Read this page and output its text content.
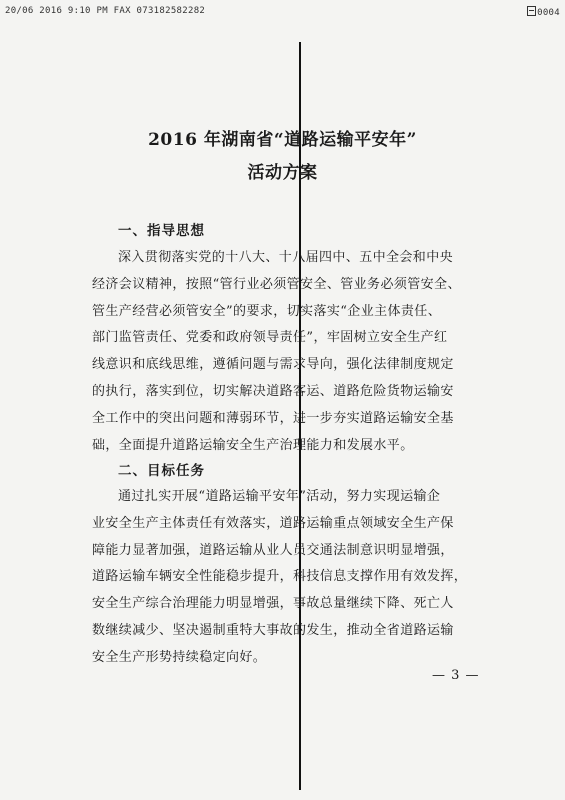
20/06 2016 9:10 PM FAX 073182582282	0004
2016 年湖南省“道路运输平安年”
活动方案
一、指导思想
深入贯彻落实党的十八大、十八届四中、五中全会和中央
经济会议精神，按照“管行业必须管安全、管业务必须管安全、
管生产经营必须管安全”的要求，切实落实“企业主体责任、
部门监管责任、党委和政府领导责任”，牢固树立安全生产红
线意识和底线思维，遵循问题与需求导向，强化法律制度规定
的执行，落实到位，切实解决道路客运、道路危险货物运输安
全工作中的突出问题和薄弱环节，进一步夯实道路运输安全基
础，全面提升道路运输安全生产治理能力和发展水平。
二、目标任务
通过扎实开展“道路运输平安年”活动，努力实现运输企
业安全生产主体责任有效落实，道路运输重点领域安全生产保
障能力显著加强，道路运输从业人员交通法制意识明显增强，
道路运输车辆安全性能稳步提升，科技信息支撑作用有效发挥，
安全生产综合治理能力明显增强，事故总量继续下降、死亡人
数继续减少、坚决遏制重特大事故的发生，推动全省道路运输
安全生产形势持续稳定向好。
— 3 —
